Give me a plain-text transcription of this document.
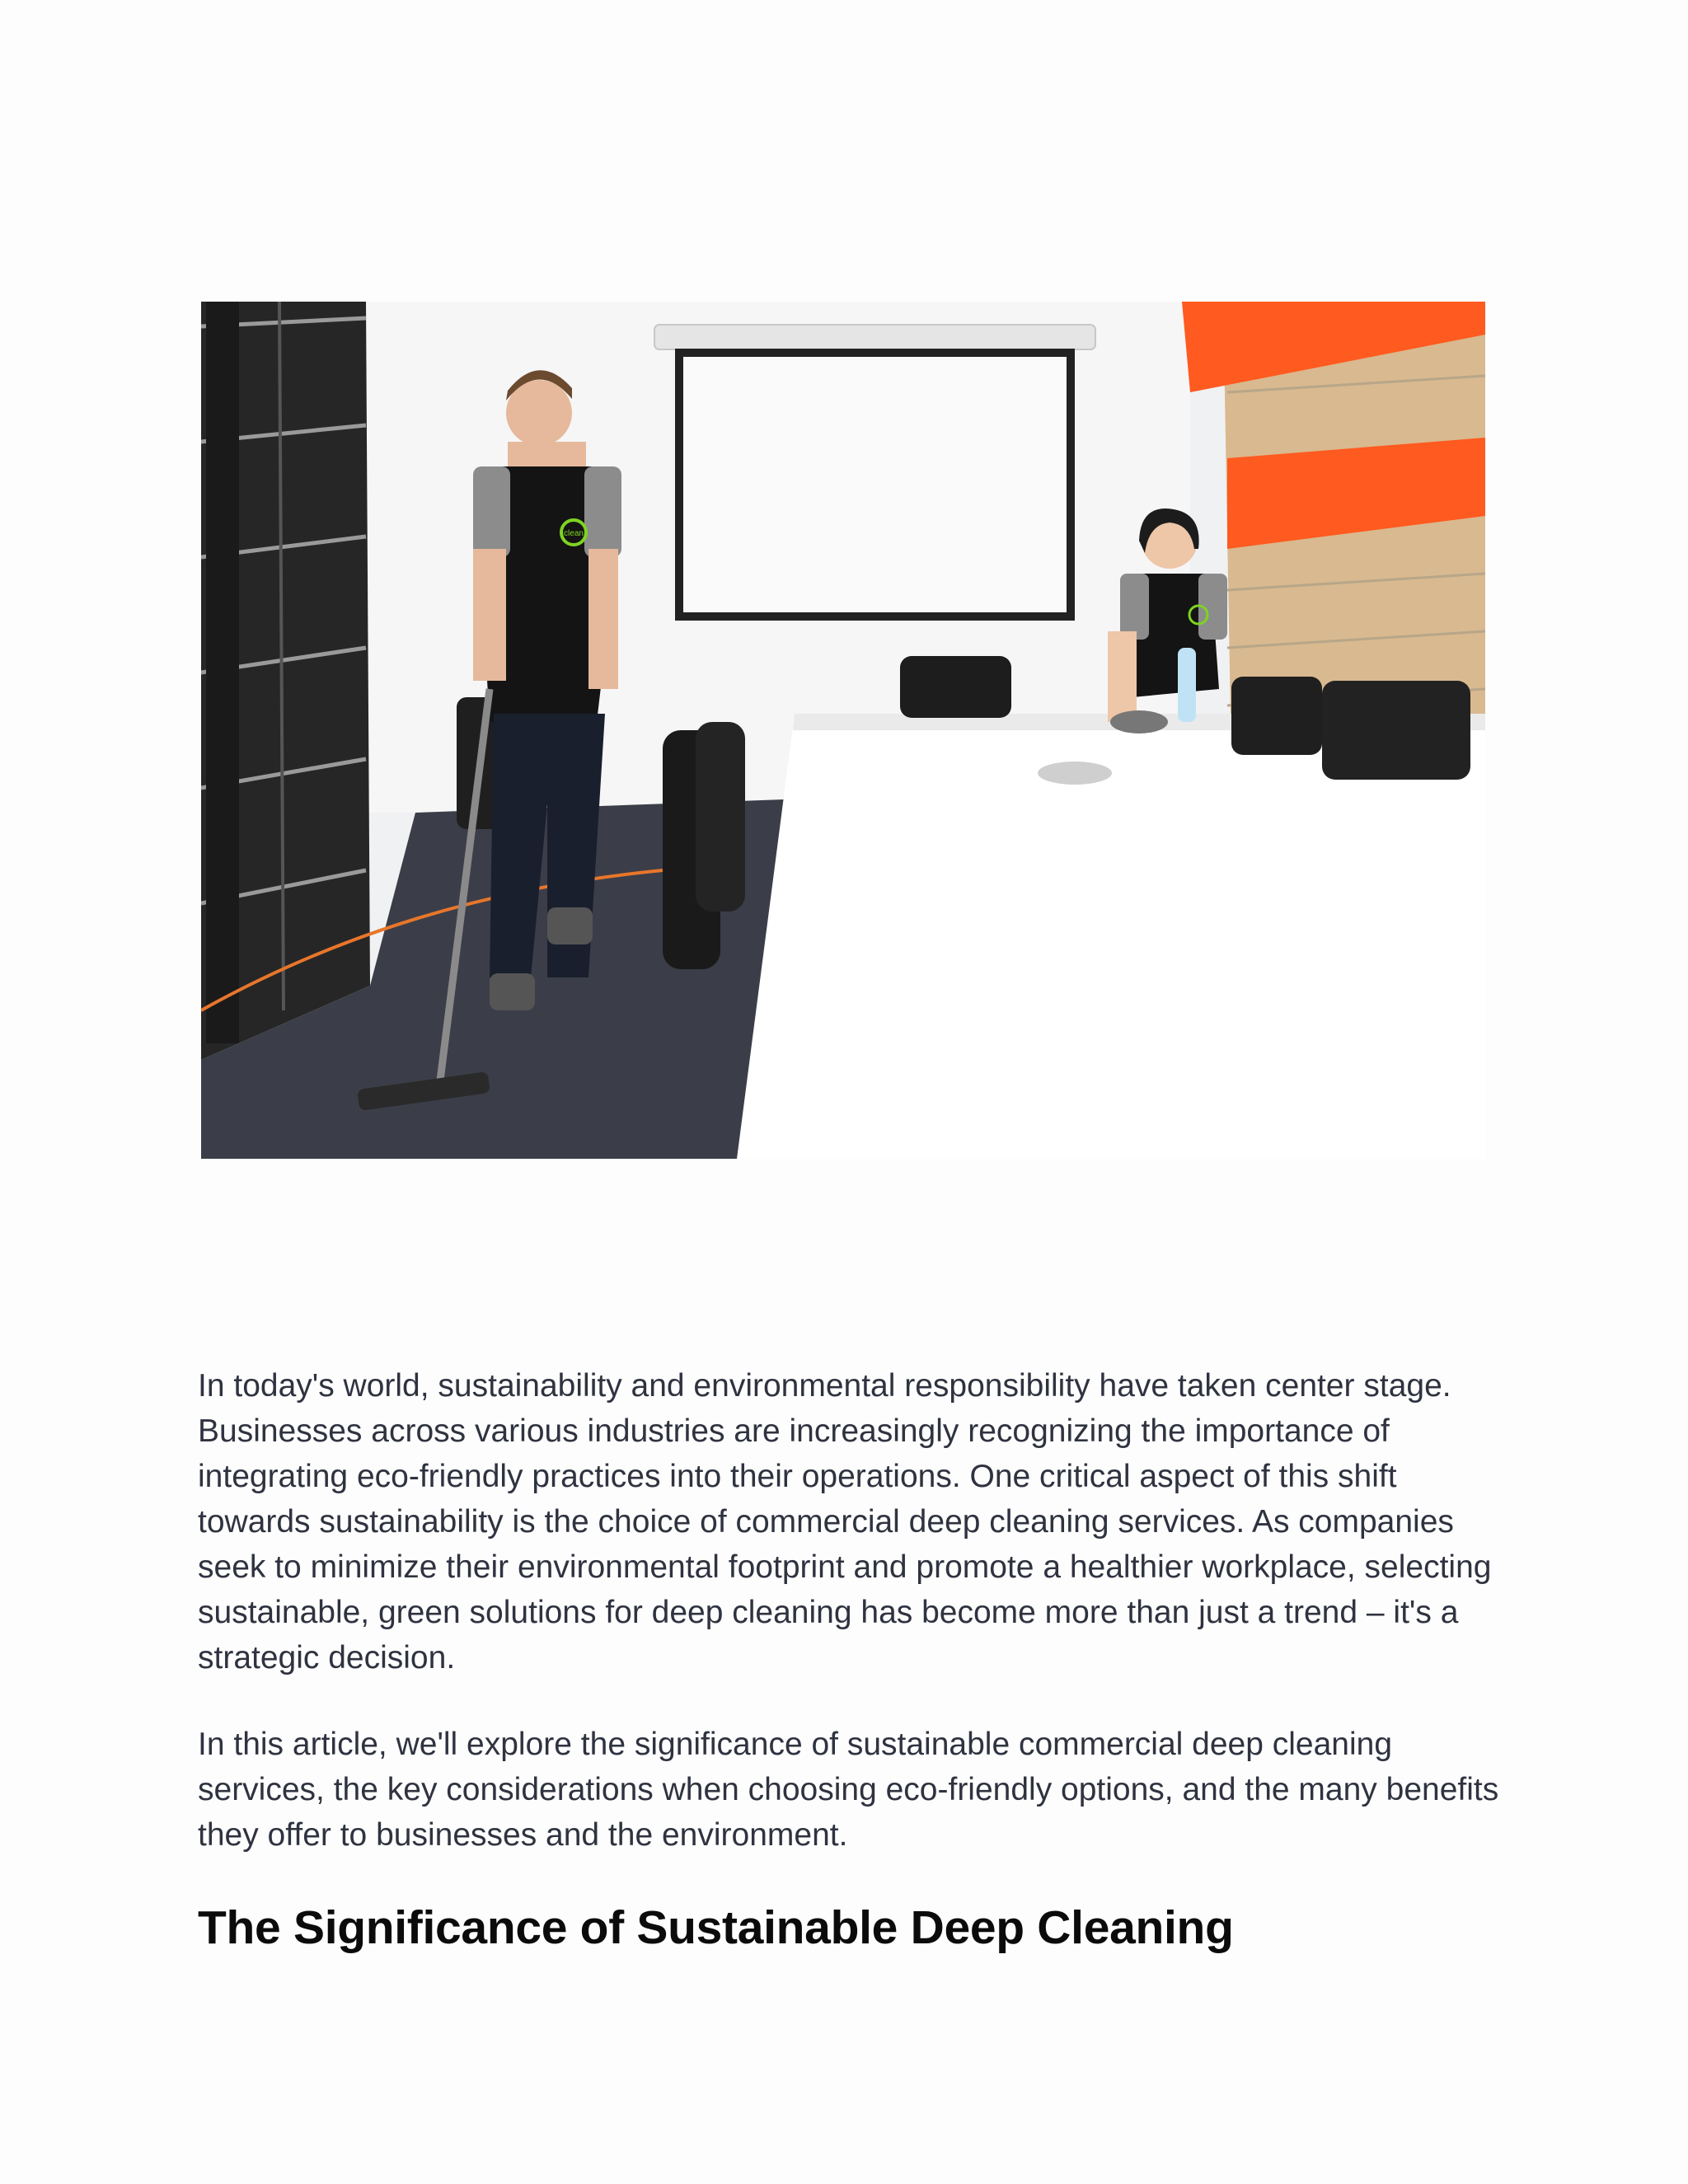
clean

In today's world, sustainability and environmental responsibility have taken center stage. Businesses across various industries are increasingly recognizing the importance of integrating eco-friendly practices into their operations. One critical aspect of this shift towards sustainability is the choice of commercial deep cleaning services. As companies seek to minimize their environmental footprint and promote a healthier workplace, selecting sustainable, green solutions for deep cleaning has become more than just a trend – it's a strategic decision.

In this article, we'll explore the significance of sustainable commercial deep cleaning services, the key considerations when choosing eco-friendly options, and the many benefits they offer to businesses and the environment.

The Significance of Sustainable Deep Cleaning
